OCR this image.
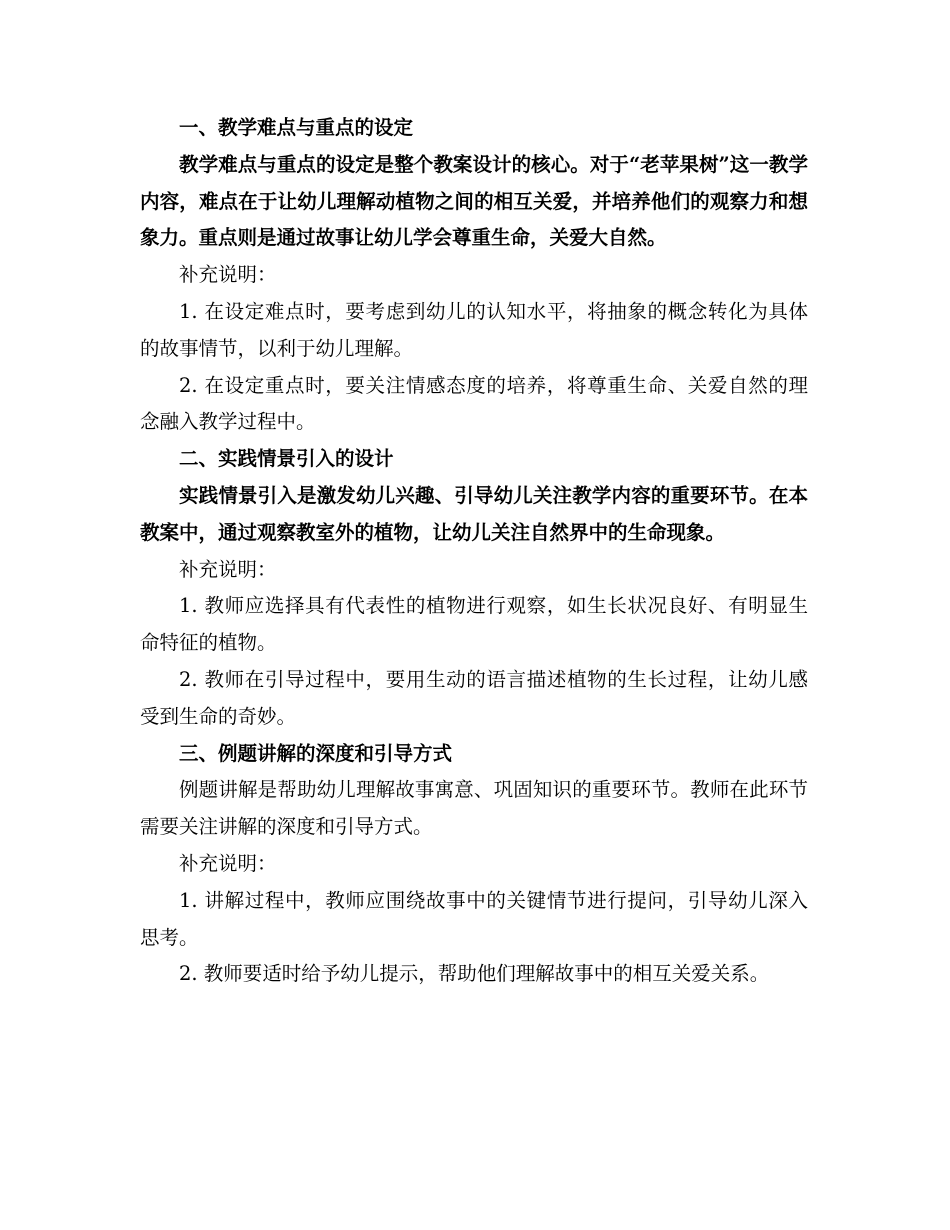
一、教学难点与重点的设定

教学难点与重点的设定是整个教案设计的核心。对于“老苹果树”这一教学内容，难点在于让幼儿理解动植物之间的相互关爱，并培养他们的观察力和想象力。重点则是通过故事让幼儿学会尊重生命，关爱大自然。

补充说明：

1. 在设定难点时，要考虑到幼儿的认知水平，将抽象的概念转化为具体的故事情节，以利于幼儿理解。

2. 在设定重点时，要关注情感态度的培养，将尊重生命、关爱自然的理念融入教学过程中。

二、实践情景引入的设计

实践情景引入是激发幼儿兴趣、引导幼儿关注教学内容的重要环节。在本教案中，通过观察教室外的植物，让幼儿关注自然界中的生命现象。

补充说明：

1. 教师应选择具有代表性的植物进行观察，如生长状况良好、有明显生命特征的植物。

2. 教师在引导过程中，要用生动的语言描述植物的生长过程，让幼儿感受到生命的奇妙。

三、例题讲解的深度和引导方式

例题讲解是帮助幼儿理解故事寓意、巩固知识的重要环节。教师在此环节需要关注讲解的深度和引导方式。

补充说明：

1. 讲解过程中，教师应围绕故事中的关键情节进行提问，引导幼儿深入思考。

2. 教师要适时给予幼儿提示，帮助他们理解故事中的相互关爱关系。
